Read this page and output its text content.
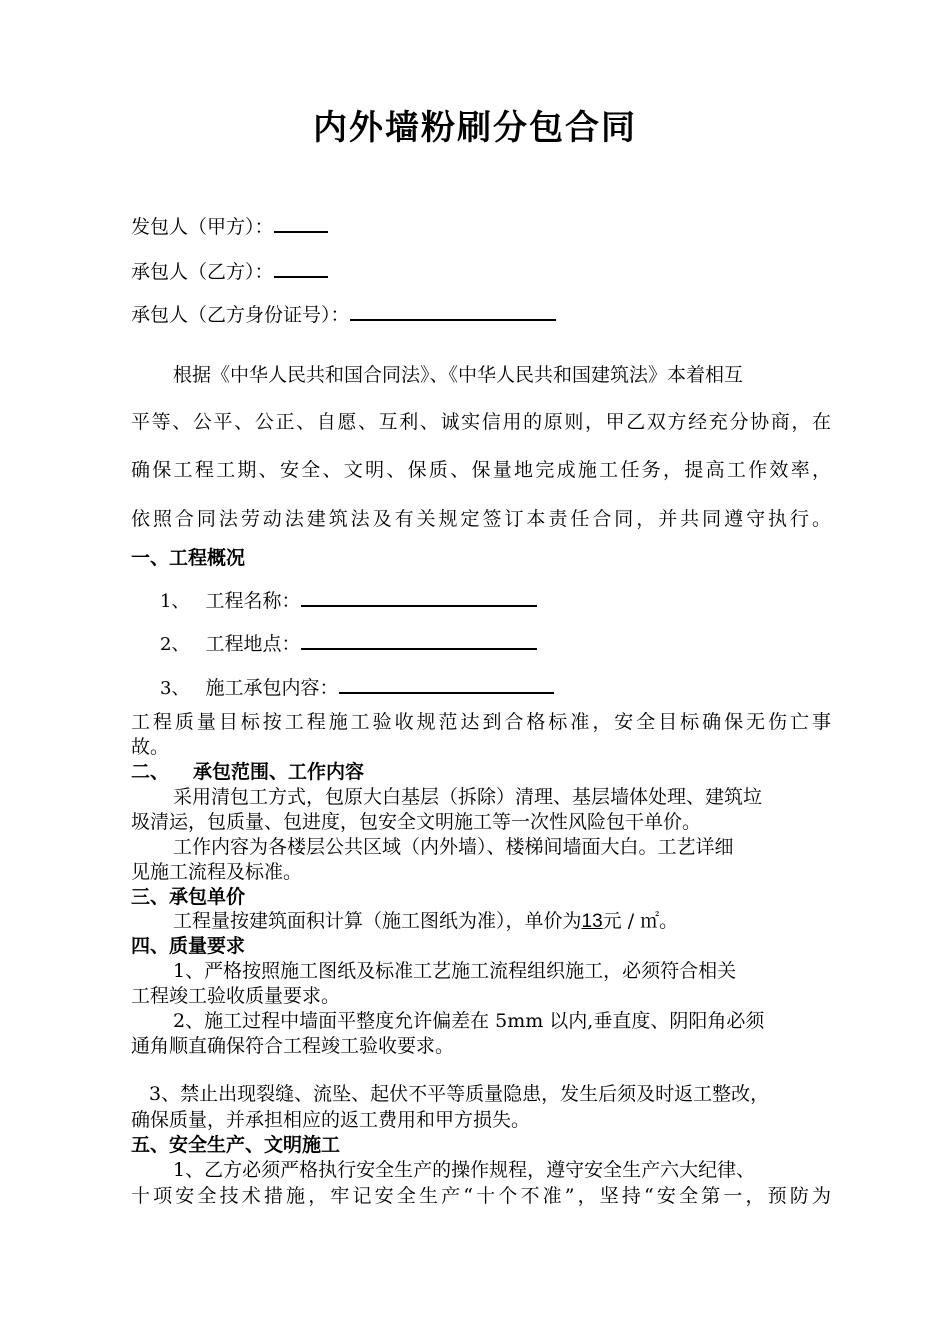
内外墙粉刷分包合同
发包人（甲方）：
承包人（乙方）：
承包人（乙方身份证号）：
根据《中华人民共和国合同法》、《中华人民共和国建筑法》本着相互
平等、公平、公正、自愿、互利、诚实信用的原则，甲乙双方经充分协商，在
确保工程工期、安全、文明、保质、保量地完成施工任务，提高工作效率，
依照合同法劳动法建筑法及有关规定签订本责任合同，并共同遵守执行。
一、工程概况
1、 工程名称：
2、 工程地点：
3、 施工承包内容：
工程质量目标按工程施工验收规范达到合格标准，安全目标确保无伤亡事
故。
二、 承包范围、工作内容
采用清包工方式，包原大白基层（拆除）清理、基层墙体处理、建筑垃
圾清运，包质量、包进度，包安全文明施工等一次性风险包干单价。
工作内容为各楼层公共区域（内外墙）、楼梯间墙面大白。工艺详细
见施工流程及标准。
三、承包单价
工程量按建筑面积计算（施工图纸为准），单价为13元 / ㎡。
四、质量要求
1、严格按照施工图纸及标准工艺施工流程组织施工，必须符合相关
工程竣工验收质量要求。
2、施工过程中墙面平整度允许偏差在 5mm 以内,垂直度、阴阳角必须
通角顺直确保符合工程竣工验收要求。
3、禁止出现裂缝、流坠、起伏不平等质量隐患，发生后须及时返工整改，
确保质量，并承担相应的返工费用和甲方损失。
五、安全生产、文明施工
1、乙方必须严格执行安全生产的操作规程，遵守安全生产六大纪律、
十项安全技术措施，牢记安全生产“十个不准”，坚持“安全第一，预防为
